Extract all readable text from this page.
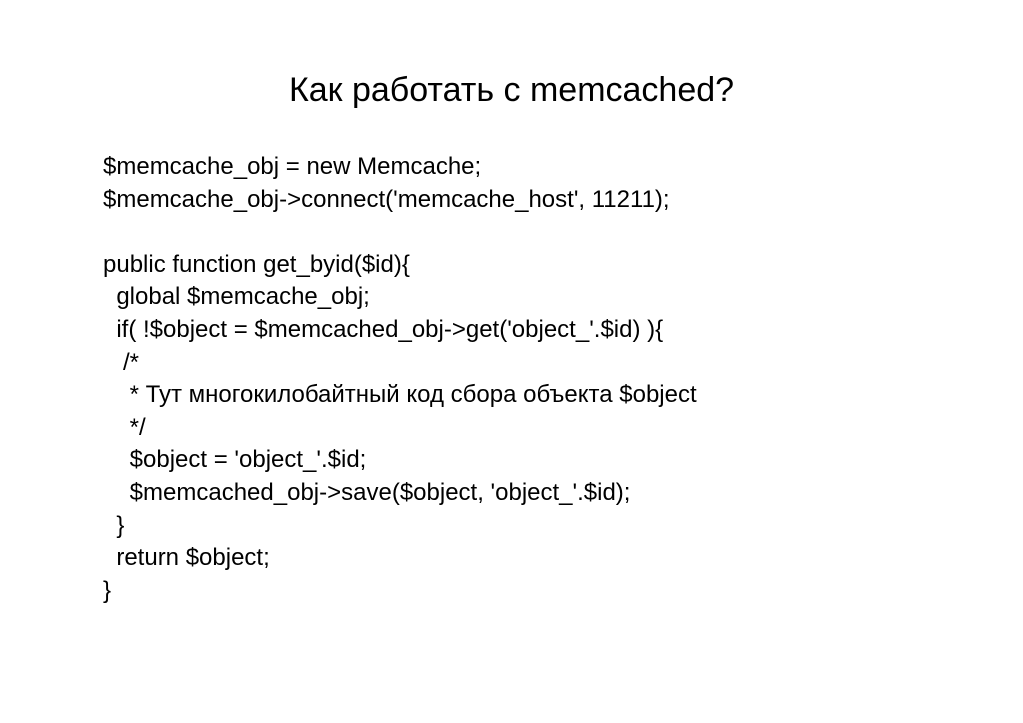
Как работать с memcached?
$memcache_obj = new Memcache;
$memcache_obj->connect('memcache_host', 11211);
public function get_byid($id){
global $memcache_obj;
if( !$object = $memcached_obj->get('object_'.$id) ){
/*
* Тут многокилобайтный код сбора объекта $object
*/
$object = 'object_'.$id;
$memcached_obj->save($object, 'object_'.$id);
}
return $object;
}
